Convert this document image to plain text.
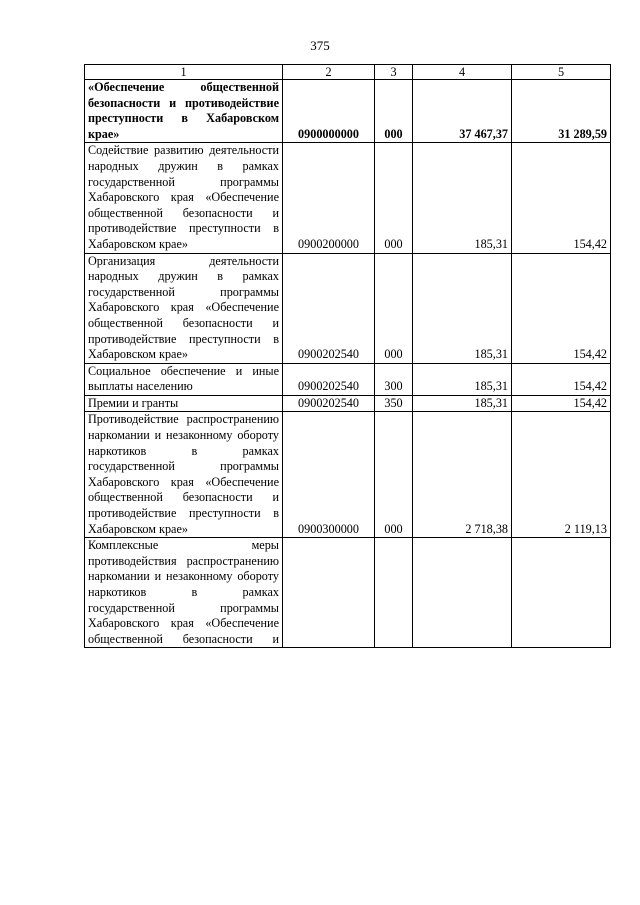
375
1	2	3	4	5
«Обеспечение общественной безопасности и противодействие преступности в Хабаровском крае»	0900000000	000	37 467,37	31 289,59
Содействие развитию деятельности народных дружин в рамках государственной программы Хабаровского края «Обеспечение общественной безопасности и противодействие преступности в Хабаровском крае»	0900200000	000	185,31	154,42
Организация деятельности народных дружин в рамках государственной программы Хабаровского края «Обеспечение общественной безопасности и противодействие преступности в Хабаровском крае»	0900202540	000	185,31	154,42
Социальное обеспечение и иные выплаты населению	0900202540	300	185,31	154,42
Премии и гранты	0900202540	350	185,31	154,42
Противодействие распространению наркомании и незаконному обороту наркотиков в рамках государственной программы Хабаровского края «Обеспечение общественной безопасности и противодействие преступности в Хабаровском крае»	0900300000	000	2 718,38	2 119,13
Комплексные меры противодействия распространению наркомании и незаконному обороту наркотиков в рамках государственной программы Хабаровского края «Обеспечение общественной безопасности и				
